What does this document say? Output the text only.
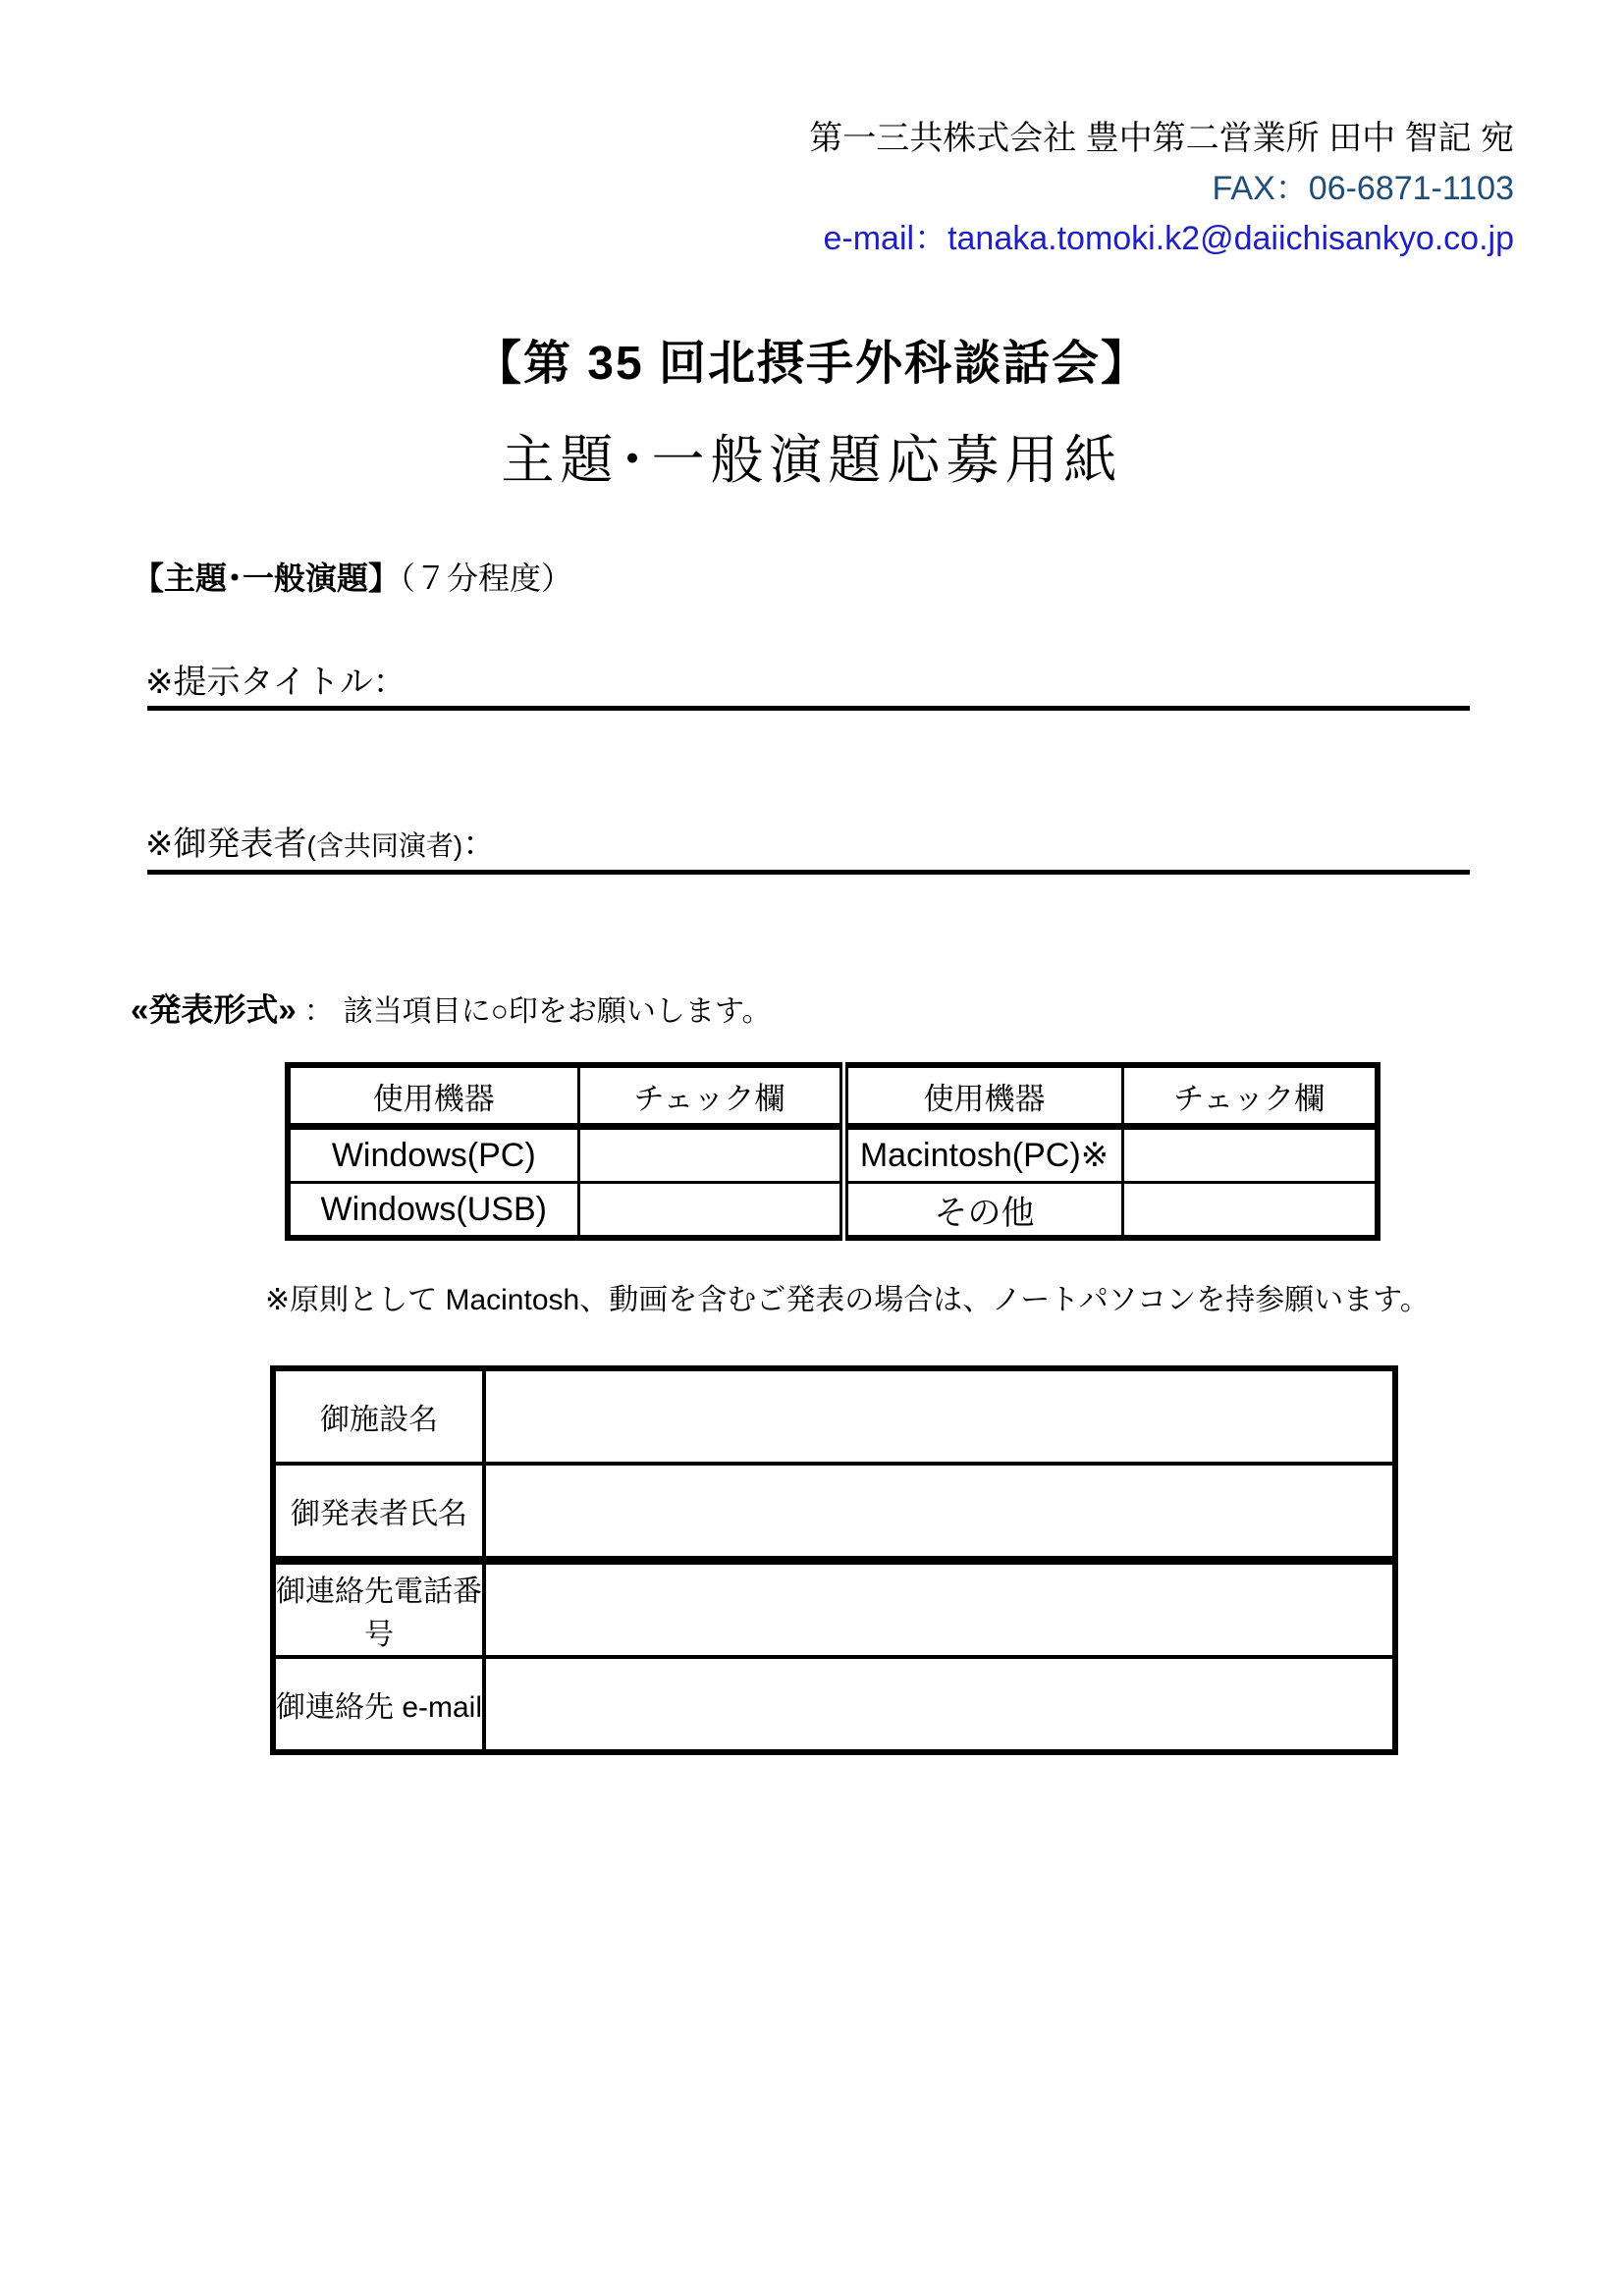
第一三共株式会社 豊中第二営業所 田中 智記 宛
FAX：06-6871-1103
e-mail：tanaka.tomoki.k2@daiichisankyo.co.jp
【第 35 回北摂手外科談話会】
主題･一般演題応募用紙
【主題･一般演題】（７分程度）
※提示タイトル：
※御発表者(含共同演者)：
«発表形式» ： 該当項目に○印をお願いします。
使用機器	チェック欄	使用機器	チェック欄
Windows(PC)		Macintosh(PC)※	
Windows(USB)		その他	
※原則として Macintosh、動画を含むご発表の場合は、ノートパソコンを持参願います。
御施設名	
御発表者氏名	
御連絡先電話番号	
御連絡先 e-mail	
